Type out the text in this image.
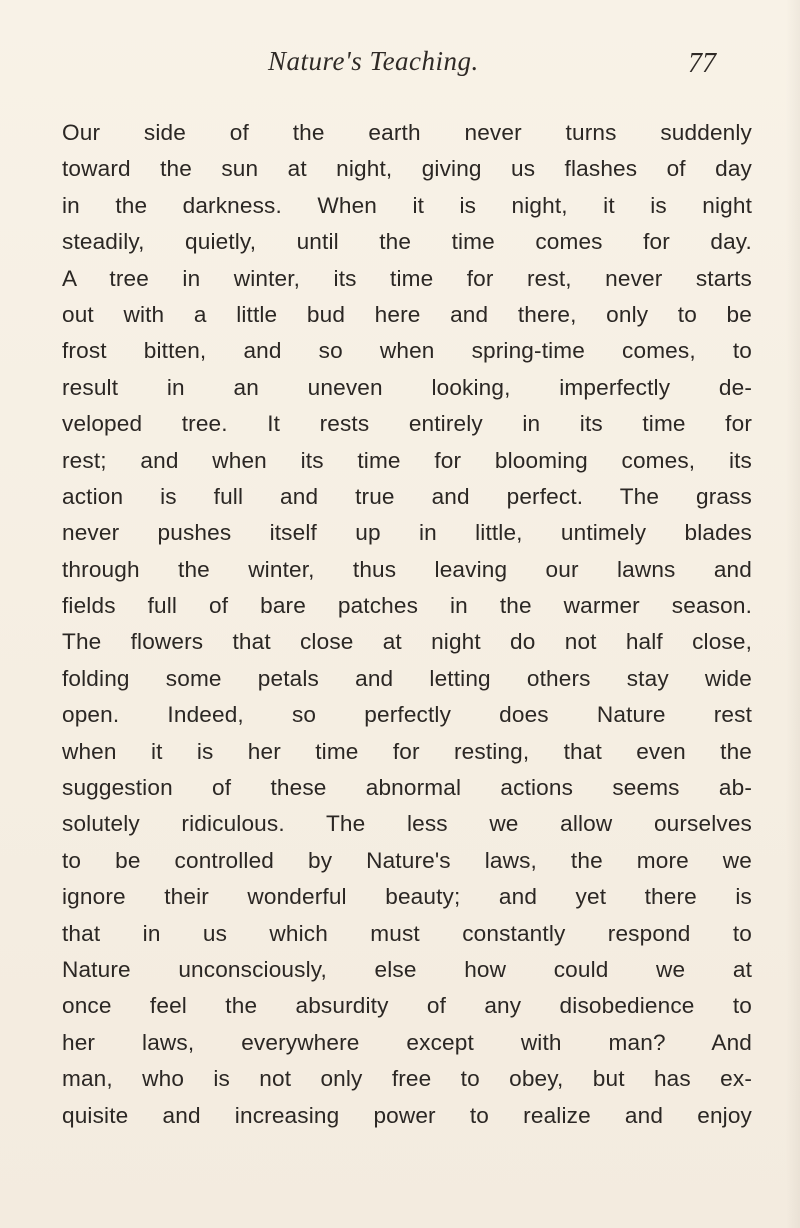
Nature's Teaching.	77
Our side of the earth never turns suddenly
toward the sun at night, giving us flashes of day
in the darkness. When it is night, it is night
steadily, quietly, until the time comes for day.
A tree in winter, its time for rest, never starts
out with a little bud here and there, only to be
frost bitten, and so when spring-time comes, to
result in an uneven looking, imperfectly de-
veloped tree. It rests entirely in its time for
rest; and when its time for blooming comes, its
action is full and true and perfect. The grass
never pushes itself up in little, untimely blades
through the winter, thus leaving our lawns and
fields full of bare patches in the warmer season.
The flowers that close at night do not half close,
folding some petals and letting others stay wide
open. Indeed, so perfectly does Nature rest
when it is her time for resting, that even the
suggestion of these abnormal actions seems ab-
solutely ridiculous. The less we allow ourselves
to be controlled by Nature's laws, the more we
ignore their wonderful beauty; and yet there is
that in us which must constantly respond to
Nature unconsciously, else how could we at
once feel the absurdity of any disobedience to
her laws, everywhere except with man? And
man, who is not only free to obey, but has ex-
quisite and increasing power to realize and enjoy
